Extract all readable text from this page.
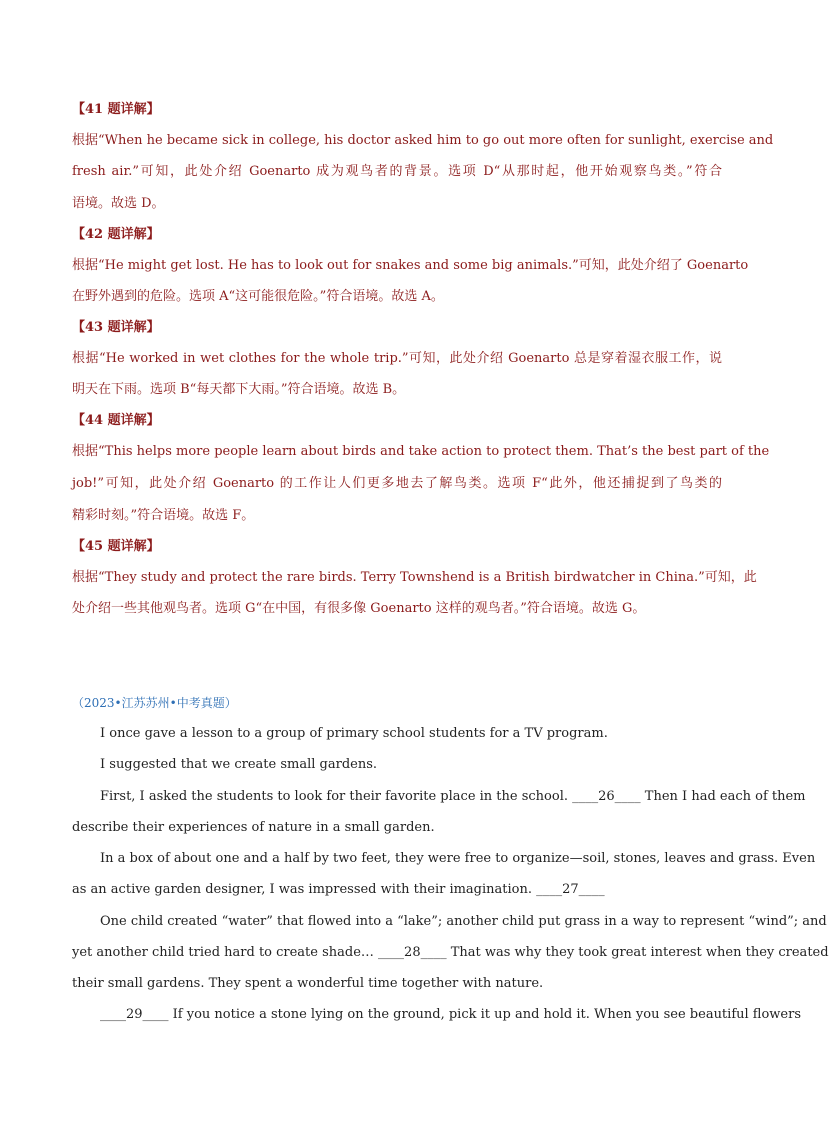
【41 题详解】
根据“When he became sick in college, his doctor asked him to go out more often for sunlight, exercise and
fresh air.”可知，此处介绍 Goenarto 成为观鸟者的背景。选项 D“从那时起，他开始观察鸟类。”符合
语境。故选 D。
【42 题详解】
根据“He might get lost. He has to look out for snakes and some big animals.”可知，此处介绍了 Goenarto
在野外遇到的危险。选项 A“这可能很危险。”符合语境。故选 A。
【43 题详解】
根据“He worked in wet clothes for the whole trip.”可知，此处介绍 Goenarto 总是穿着湿衣服工作，说
明天在下雨。选项 B“每天都下大雨。”符合语境。故选 B。
【44 题详解】
根据“This helps more people learn about birds and take action to protect them. That’s the best part of the
job!”可知，此处介绍 Goenarto 的工作让人们更多地去了解鸟类。选项 F“此外，他还捕捉到了鸟类的
精彩时刻。”符合语境。故选 F。
【45 题详解】
根据“They study and protect the rare birds. Terry Townshend is a British birdwatcher in China.”可知，此
处介绍一些其他观鸟者。选项 G“在中国，有很多像 Goenarto 这样的观鸟者。”符合语境。故选 G。
（2023•江苏苏州•中考真题）
I once gave a lesson to a group of primary school students for a TV program.
I suggested that we create small gardens.
First, I asked the students to look for their favorite place in the school. ____26____ Then I had each of them
describe their experiences of nature in a small garden.
In a box of about one and a half by two feet, they were free to organize—soil, stones, leaves and grass. Even
as an active garden designer, I was impressed with their imagination. ____27____
One child created “water” that flowed into a “lake”; another child put grass in a way to represent “wind”; and
yet another child tried hard to create shade… ____28____ That was why they took great interest when they created
their small gardens. They spent a wonderful time together with nature.
____29____ If you notice a stone lying on the ground, pick it up and hold it. When you see beautiful flowers
